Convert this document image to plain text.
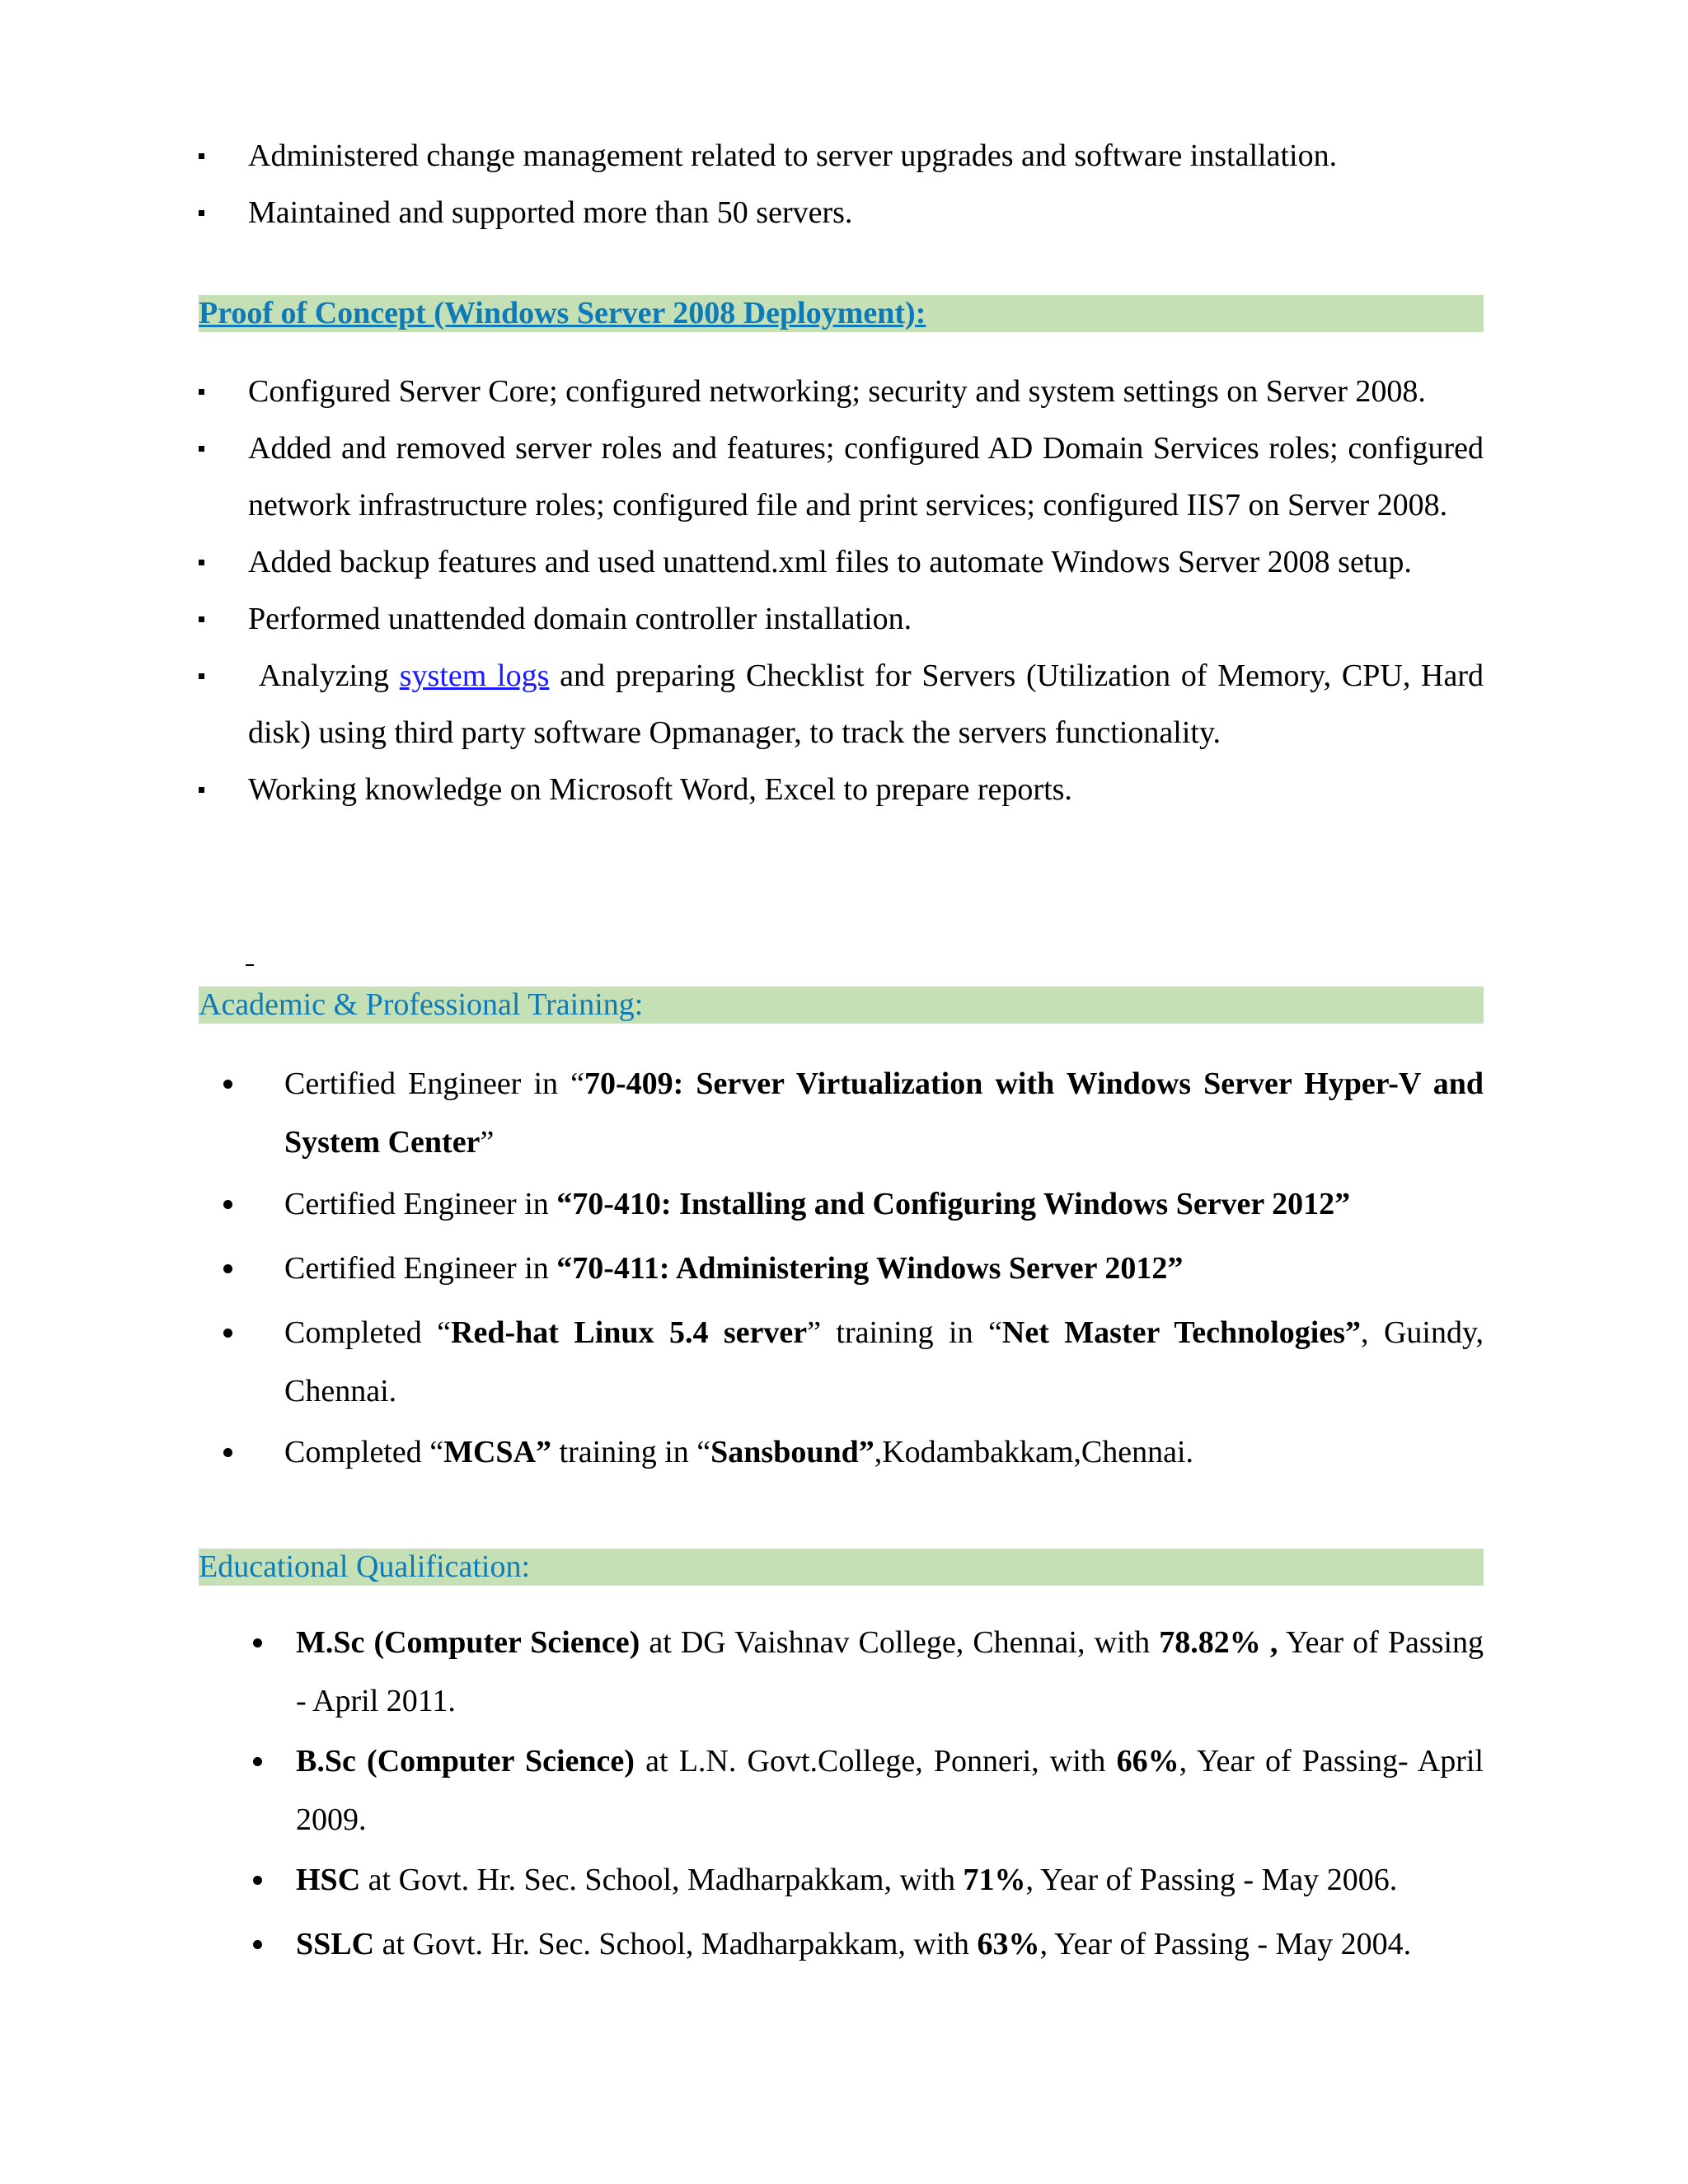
Administered change management related to server upgrades and software installation.
Maintained and supported more than 50 servers.
Proof of Concept (Windows Server 2008 Deployment):
Configured Server Core; configured networking; security and system settings on Server 2008.
Added and removed server roles and features; configured AD Domain Services roles; configured network infrastructure roles; configured file and print services; configured IIS7 on Server 2008.
Added backup features and used unattend.xml files to automate Windows Server 2008 setup.
Performed unattended domain controller installation.
Analyzing system logs and preparing Checklist for Servers (Utilization of Memory, CPU, Hard disk) using third party software Opmanager, to track the servers functionality.
Working knowledge on Microsoft Word, Excel to prepare reports.
Academic & Professional Training:
Certified Engineer in “70-409: Server Virtualization with Windows Server Hyper-V and System Center”
Certified Engineer in “70-410: Installing and Configuring Windows Server 2012”
Certified Engineer in “70-411: Administering Windows Server 2012”
Completed “Red-hat Linux 5.4 server” training in “Net Master Technologies”, Guindy, Chennai.
Completed “MCSA” training in “Sansbound”,Kodambakkam,Chennai.
Educational Qualification:
M.Sc (Computer Science) at DG Vaishnav College, Chennai, with 78.82% , Year of Passing - April 2011.
B.Sc (Computer Science) at L.N. Govt.College, Ponneri, with 66%, Year of Passing- April 2009.
HSC at Govt. Hr. Sec. School, Madharpakkam, with 71%, Year of Passing - May 2006.
SSLC at Govt. Hr. Sec. School, Madharpakkam, with 63%, Year of Passing - May 2004.
